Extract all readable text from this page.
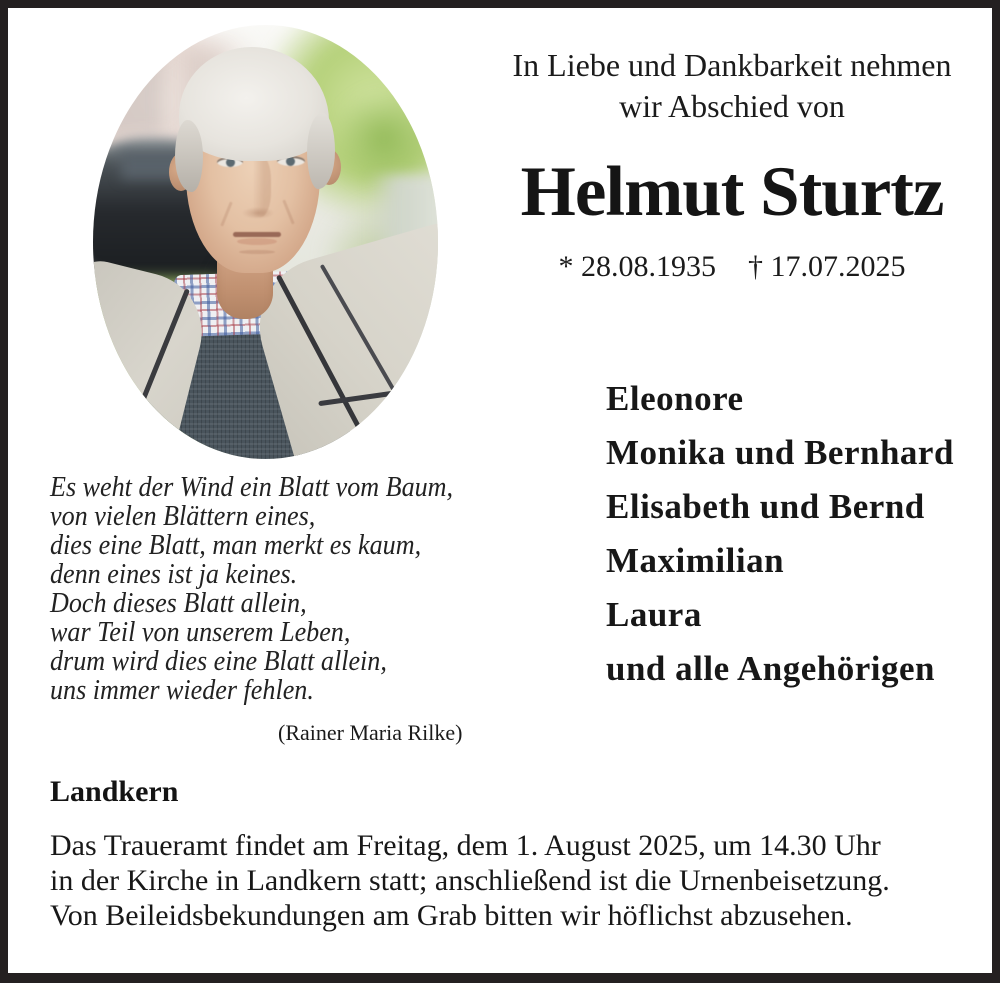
In Liebe und Dankbarkeit nehmen
wir Abschied von
Helmut Sturtz
* 28.08.1935 † 17.07.2025
Eleonore
Monika und Bernhard
Elisabeth und Bernd
Maximilian
Laura
und alle Angehörigen
Es weht der Wind ein Blatt vom Baum,
von vielen Blättern eines,
dies eine Blatt, man merkt es kaum,
denn eines ist ja keines.
Doch dieses Blatt allein,
war Teil von unserem Leben,
drum wird dies eine Blatt allein,
uns immer wieder fehlen.
(Rainer Maria Rilke)
Landkern
Das Traueramt findet am Freitag, dem 1. August 2025, um 14.30 Uhr
in der Kirche in Landkern statt; anschließend ist die Urnenbeisetzung.
Von Beileidsbekundungen am Grab bitten wir höflichst abzusehen.
